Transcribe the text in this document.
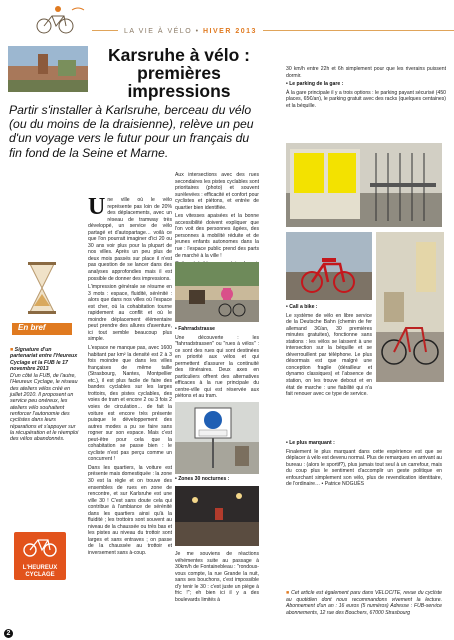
LA VIE À VÉLO • HIVER 2013
Karsruhe à vélo :
premières impressions
Partir s'installer à Karlsruhe, berceau du vélo (ou du moins de la draisienne), relève un peu d'un voyage vers le futur pour un français du fin fond de la Seine et Marne.
En bref
■ Signature d'un partenariat entre l'Heureux Cyclage et la FUB le 17 novembre 2013
D'un côté la FUB, de l'autre, l'Heureux Cyclage, le réseau des ateliers vélos créé en juillet 2010. Il proposent un service peu onéreux, les ateliers vélo souhaitent renforcer l'autonomie des cyclistes dans leurs réparations et s'appuyer sur la récupération et le réemploi des vélos abandonnés.
L'HEUREUX
CYCLAGE
2

Une ville où le vélo représente pas loin de 20% des déplacements, avec un réseau de tramway très développé, un service de vélo partagé et d'autopartage… voilà ce que l'on pourrait imaginer d'ici 20 ou 30 ans voir plus pour la plupart de nos villes. Après un peu plus de deux mois passés sur place il n'est pas question de se lancer dans des analyses approfondies mais il est possible de donner des impressions.

L'impression générale se résume en 3 mots : espace, fluidité, sérénité : alors que dans nos villes où l'espace est cher, où la cohabitation tourne rapidement au conflit et où le moindre déplacement élémentaire peut prendre des allures d'aventure, ici tout semble beaucoup plus simple.

L'espace ne manque pas, avec 1600 habitant par km² la densité est 2 à 3 fois moindre que dans les villes françaises de même taille (Strasbourg, Nantes, Montpellier etc.), il est plus facile de faire des bandes cyclables sur les larges trottoirs, des pistes cyclables, des voies de tram et encore 2 ou 3 fois 2 voies de circulation… de fait la voiture est encore très présente puisque le développement des autres modes a pu se faire sans rogner sur son espace. Mais c'est peut-être pour cela que la cohabitation se passe bien : le cycliste n'est pas perçu comme un concurrent !

Dans les quartiers, la voiture est présente mais domestiquée : la zone 30 est la règle et on trouve des ensembles de rues en zone de rencontre, et sur Karlsruhe est une ville 30 ! C'est sans doute cela qui contribue à l'ambiance de sérénité dans les quartiers ainsi qu'à la fluidité ; les trottoirs sont souvent au niveau de la chaussée ou très bas et les pistes au niveau du trottoir sont larges et sans entraves ; on passe de la chaussée au trottoir et inversement sans à-coup.

Aux intersections avec des rues secondaires les pistes cyclables sont prioritaires (photo) et souvent surélevées : efficacité et confort pour cyclistes et piétons, et entrée de quartier bien identifiée.

Les vitesses apaisées et la bonne accessibilité doivent expliquer que l'on voit des personnes âgées, des personnes à mobilité réduite et de jeunes enfants autonomes dans la rue : l'espace public prend des parts de marché à la ville !

• Fahrradstrasse

Une découverte : les "fahrradstrassen" ou "rues à vélos" : ce sont des rues qui sont destinées en priorité aux vélos et qui permettent d'assurer la continuité des itinéraires. Deux axes en particuliers offrent des alternatives efficaces à la rue principale du centre-ville qui est réservée aux piétons et au tram.

• Zones 30 nocturnes :

Je me souviens de réactions véhémentes suite au passage à 30km/h de Fontainebleau : "rondous-vous compte, la rue Grande la nuit, sans ses bouchons, c'est impossible d'y tenir le 30 : c'est juste un piège à fric !"; eh bien ici il y a des boulevards limités à

30 km/h entre 22h et 6h simplement pour que les riverains puissent dormir.

• Le parking de la gare :

À la gare principale il y a trois options : le parking payant sécurisé (450 places, 65€/an), le parking gratuit avec des racks (quelques centaines) et la béquille.

• Call a bike :

Le système de vélo en libre service de la Deutsche Bahn (chemin de fer allemand 3€/an, 30 premières minutes gratuites), fonctionne sans stations : les vélos se laissent à une intersection sur la béquille et se déverrouillent par téléphone. Le plus désormais est que malgré une conception fragile (dérailleur et dynamo classiques) et l'absence de station, on les trouve debout et en état de marche : une fiabilité qui n'a fait renouer avec ce type de service.

• Le plus marquant :

Finalement le plus marquant dans cette expérience est que se déplacer à vélo est devenu normal. Plus de remarques en arrivant au bureau : (alors le sportif?), plus jamais tout seul à un carrefour, mais du coup plus le sentiment d'accomplir un geste politique en enfourchant simplement son vélo, plus de revendication identitaire, de l'ordinaire… • Patrice NOGUÈS

■ Cet article est également paru dans VELOCITE, revue du cycliste au quotidien dont nous recommandons vivement la lecture. Abonnement d'un an : 16 euros (5 numéros) Adresse : FUB-service abonnements, 12 rue des Bouchers, 67000 Strasbourg
